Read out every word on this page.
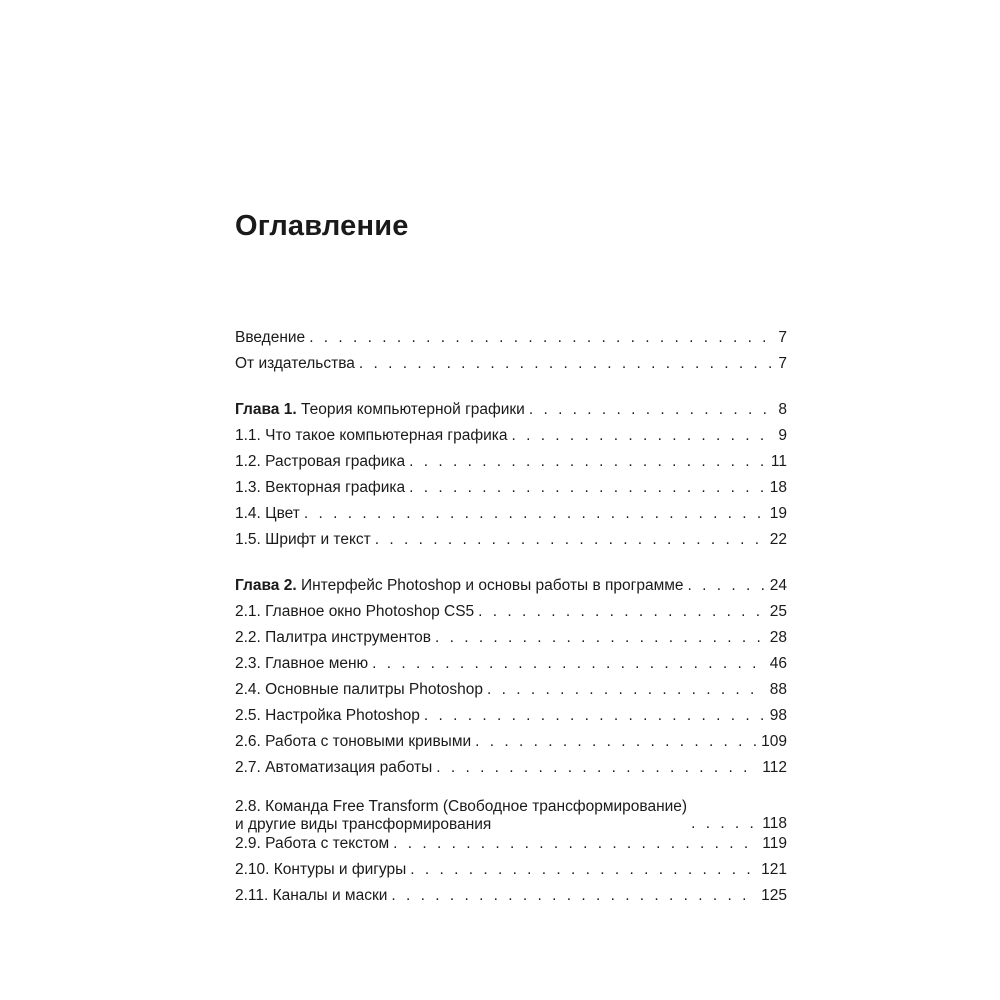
Оглавление
Введение . . .	7
От издательства . . .	7
Глава 1. Теория компьютерной графики . . .	8
1.1. Что такое компьютерная графика . . .	9
1.2. Растровая графика . . .	11
1.3. Векторная графика . . .	18
1.4. Цвет . . .	19
1.5. Шрифт и текст . . .	22
Глава 2. Интерфейс Photoshop и основы работы в программе . . .	24
2.1. Главное окно Photoshop CS5 . . .	25
2.2. Палитра инструментов . . .	28
2.3. Главное меню . . .	46
2.4. Основные палитры Photoshop . . .	88
2.5. Настройка Photoshop . . .	98
2.6. Работа с тоновыми кривыми . . .	109
2.7. Автоматизация работы . . .	112
2.8. Команда Free Transform (Свободное трансформирование)
и другие виды трансформирования . . .	118
2.9. Работа с текстом . . .	119
2.10. Контуры и фигуры . . .	121
2.11. Каналы и маски . . .	125
